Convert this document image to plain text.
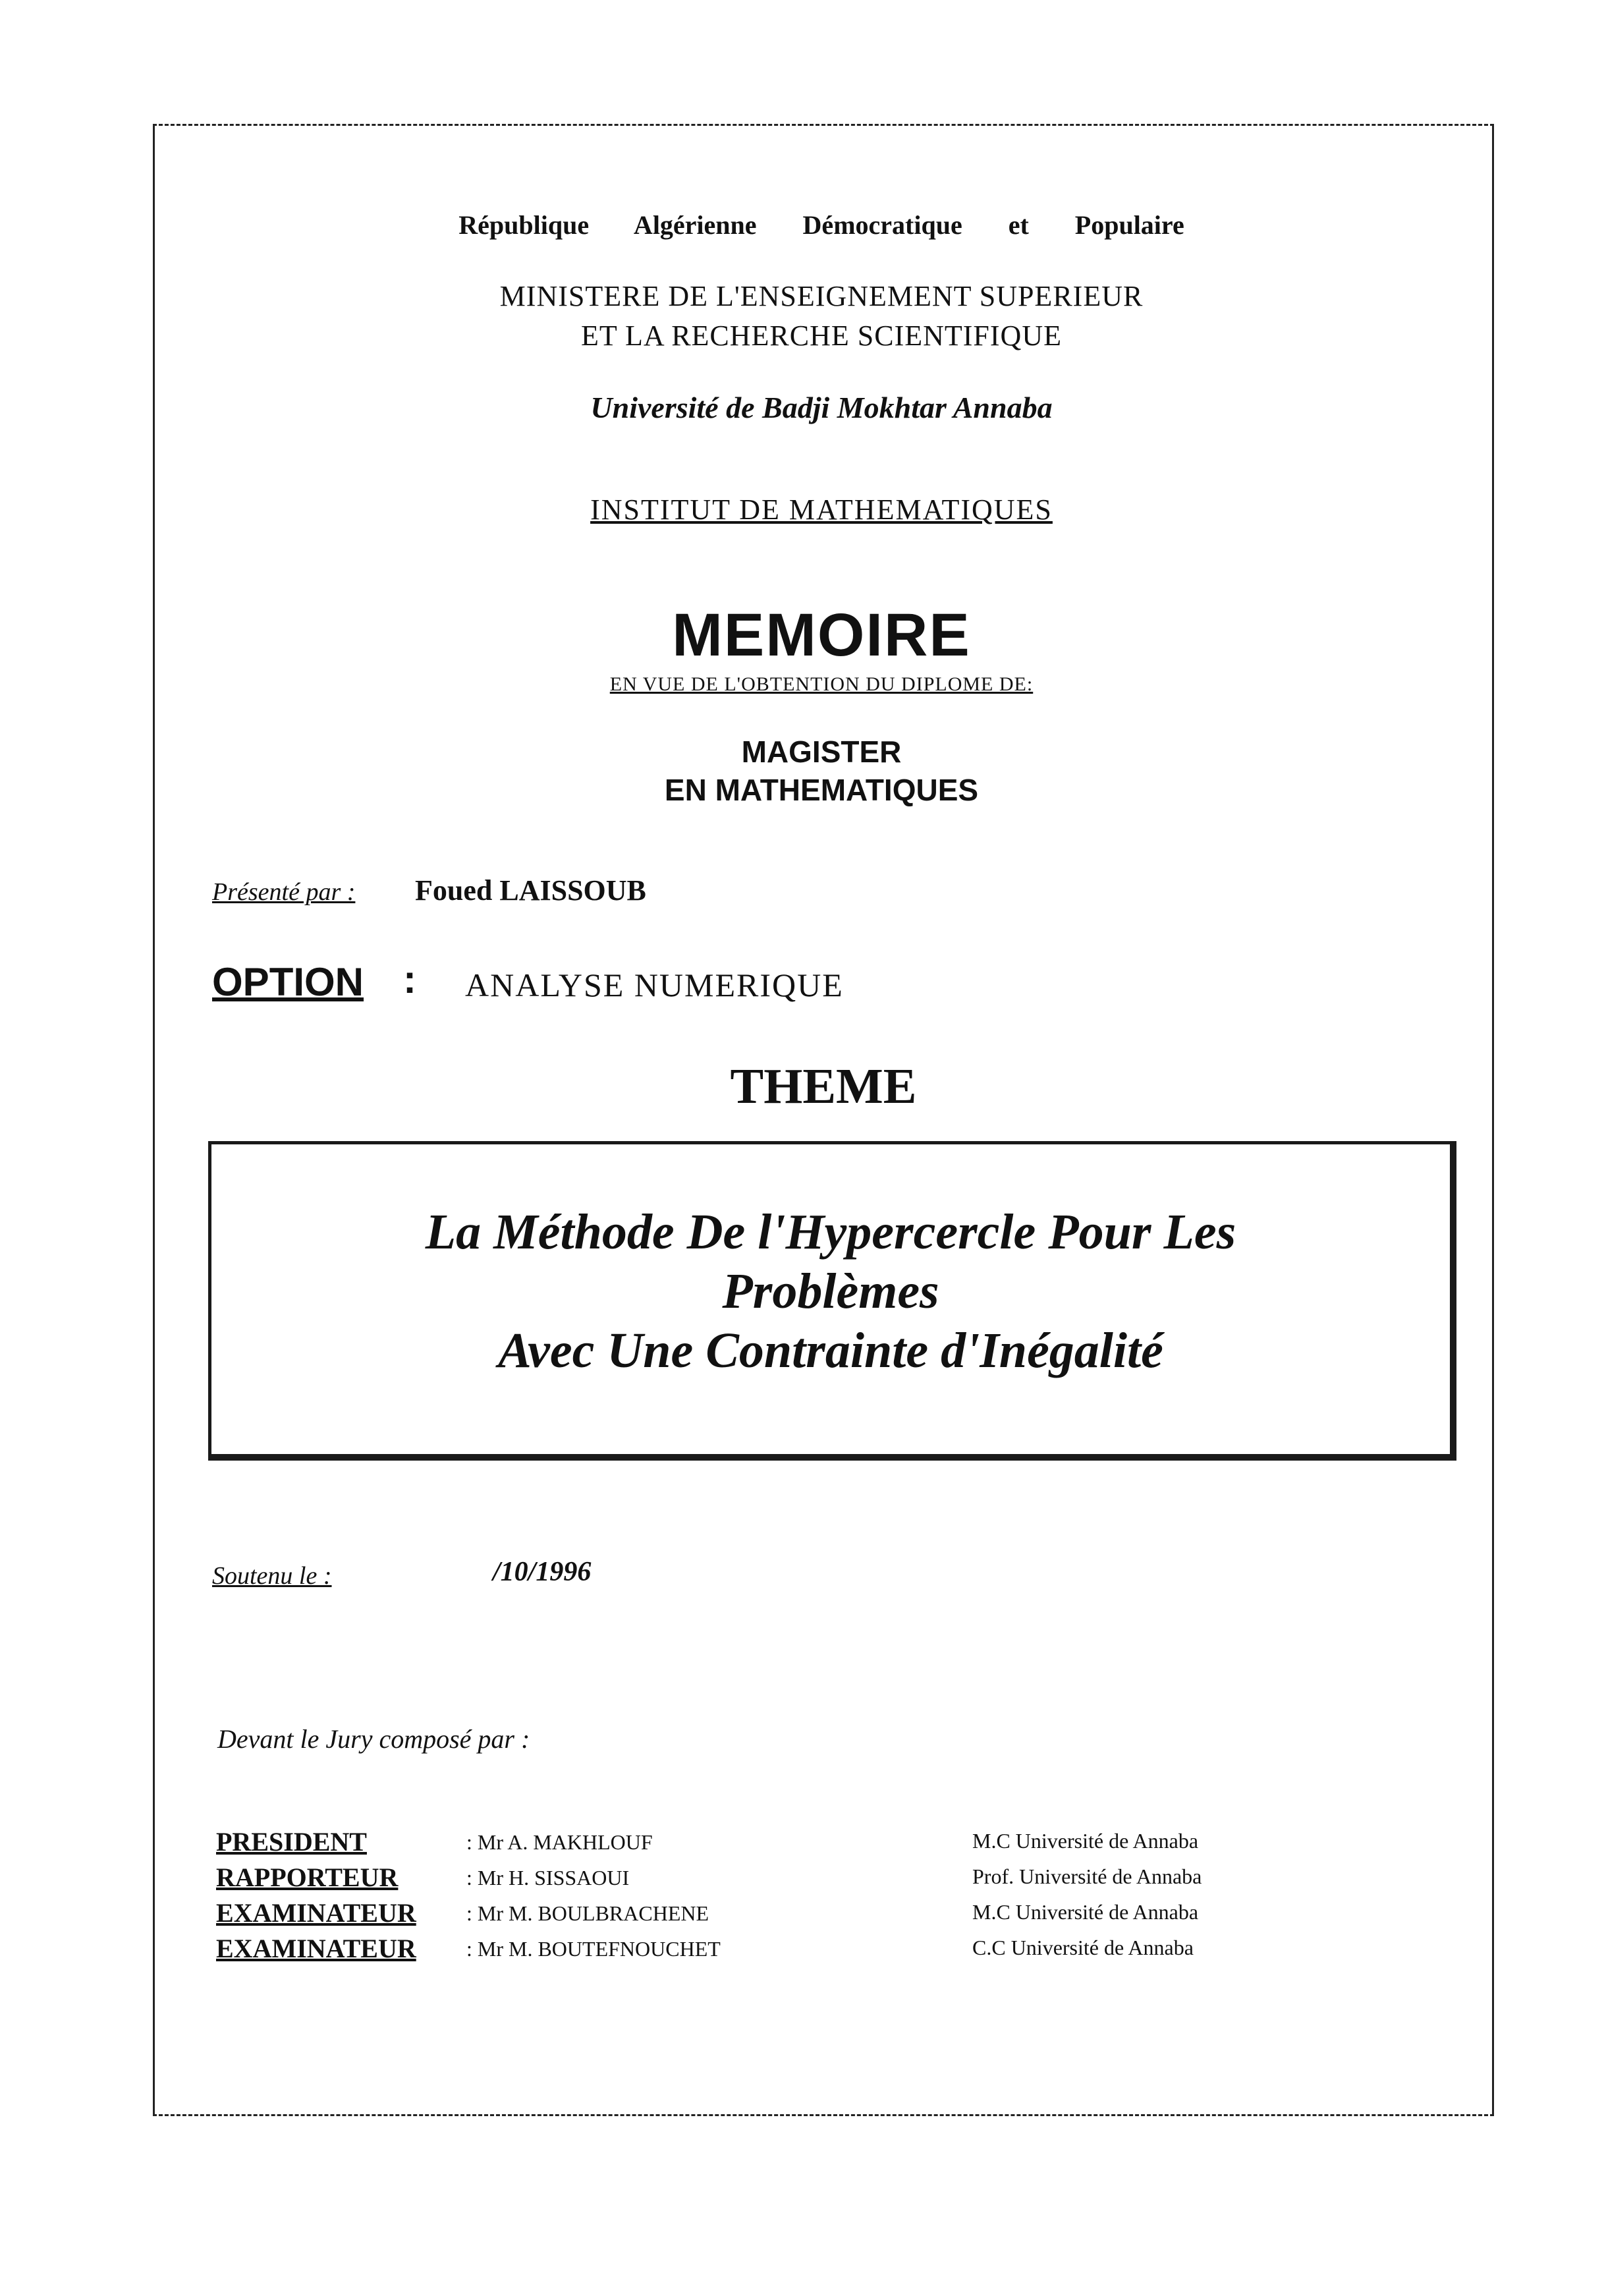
République Algérienne Démocratique et Populaire
MINISTERE DE L'ENSEIGNEMENT SUPERIEUR
ET LA RECHERCHE SCIENTIFIQUE
Université de Badji Mokhtar Annaba
INSTITUT DE MATHEMATIQUES
MEMOIRE
EN VUE DE L'OBTENTION DU DIPLOME DE:
MAGISTER
EN MATHEMATIQUES
Présenté par : Foued LAISSOUB
OPTION : ANALYSE NUMERIQUE
THEME
La Méthode De l'Hypercercle Pour Les
Problèmes
Avec Une Contrainte d'Inégalité
Soutenu le :	/10/1996
Devant le Jury composé par :
PRESIDENT	: Mr A. MAKHLOUF	M.C Université de Annaba
RAPPORTEUR	: Mr H. SISSAOUI	Prof. Université de Annaba
EXAMINATEUR : Mr M. BOULBRACHENE	M.C Université de Annaba
EXAMINATEUR : Mr M. BOUTEFNOUCHET	C.C Université de Annaba
